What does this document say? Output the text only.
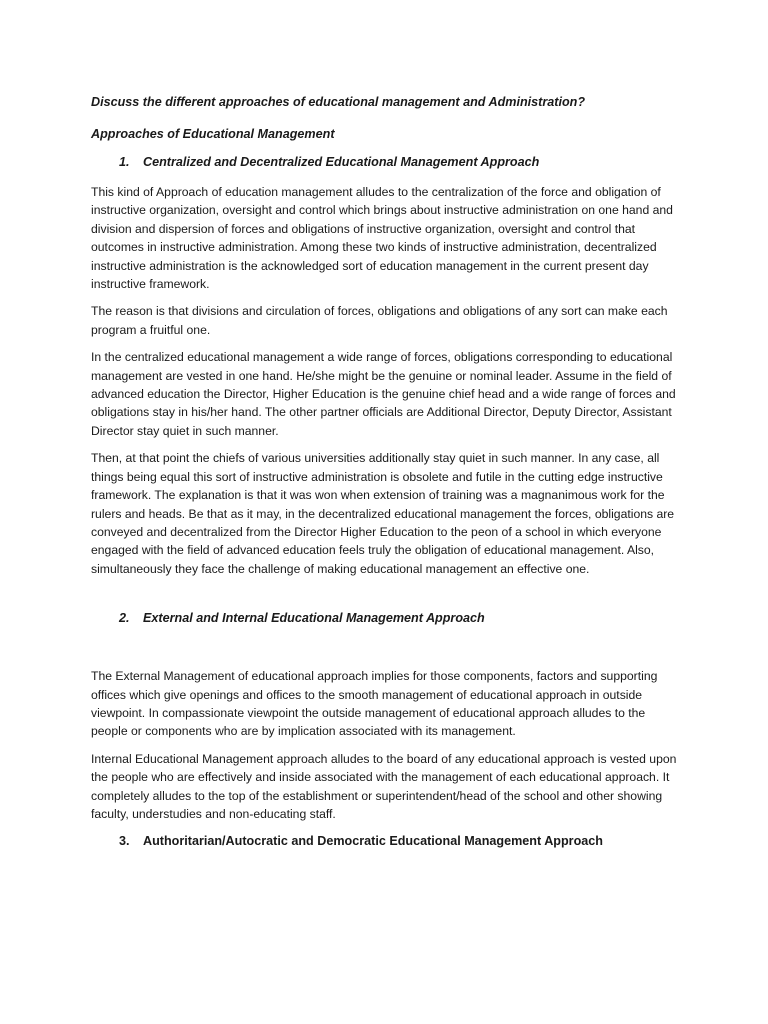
Discuss the different approaches of educational management and Administration?
Approaches of Educational Management
1.	Centralized and Decentralized Educational Management Approach

This kind of Approach of education management alludes to the centralization of the force and obligation of instructive organization, oversight and control which brings about instructive administration on one hand and division and dispersion of forces and obligations of instructive organization, oversight and control that outcomes in instructive administration. Among these two kinds of instructive administration, decentralized instructive administration is the acknowledged sort of education management in the current present day instructive framework.

The reason is that divisions and circulation of forces, obligations and obligations of any sort can make each program a fruitful one.

In the centralized educational management a wide range of forces, obligations corresponding to educational management are vested in one hand. He/she might be the genuine or nominal leader. Assume in the field of advanced education the Director, Higher Education is the genuine chief head and a wide range of forces and obligations stay in his/her hand. The other partner officials are Additional Director, Deputy Director, Assistant Director stay quiet in such manner.

Then, at that point the chiefs of various universities additionally stay quiet in such manner. In any case, all things being equal this sort of instructive administration is obsolete and futile in the cutting edge instructive framework. The explanation is that it was won when extension of training was a magnanimous work for the rulers and heads. Be that as it may, in the decentralized educational management the forces, obligations are conveyed and decentralized from the Director Higher Education to the peon of a school in which everyone engaged with the field of advanced education feels truly the obligation of educational management. Also, simultaneously they face the challenge of making educational management an effective one.

2.	External and Internal Educational Management Approach

The External Management of educational approach implies for those components, factors and supporting offices which give openings and offices to the smooth management of educational approach in outside viewpoint. In compassionate viewpoint the outside management of educational approach alludes to the people or components who are by implication associated with its management.

Internal Educational Management approach alludes to the board of any educational approach is vested upon the people who are effectively and inside associated with the management of each educational approach. It completely alludes to the top of the establishment or superintendent/head of the school and other showing faculty, understudies and non-educating staff.

3.	Authoritarian/Autocratic and Democratic Educational Management Approach
